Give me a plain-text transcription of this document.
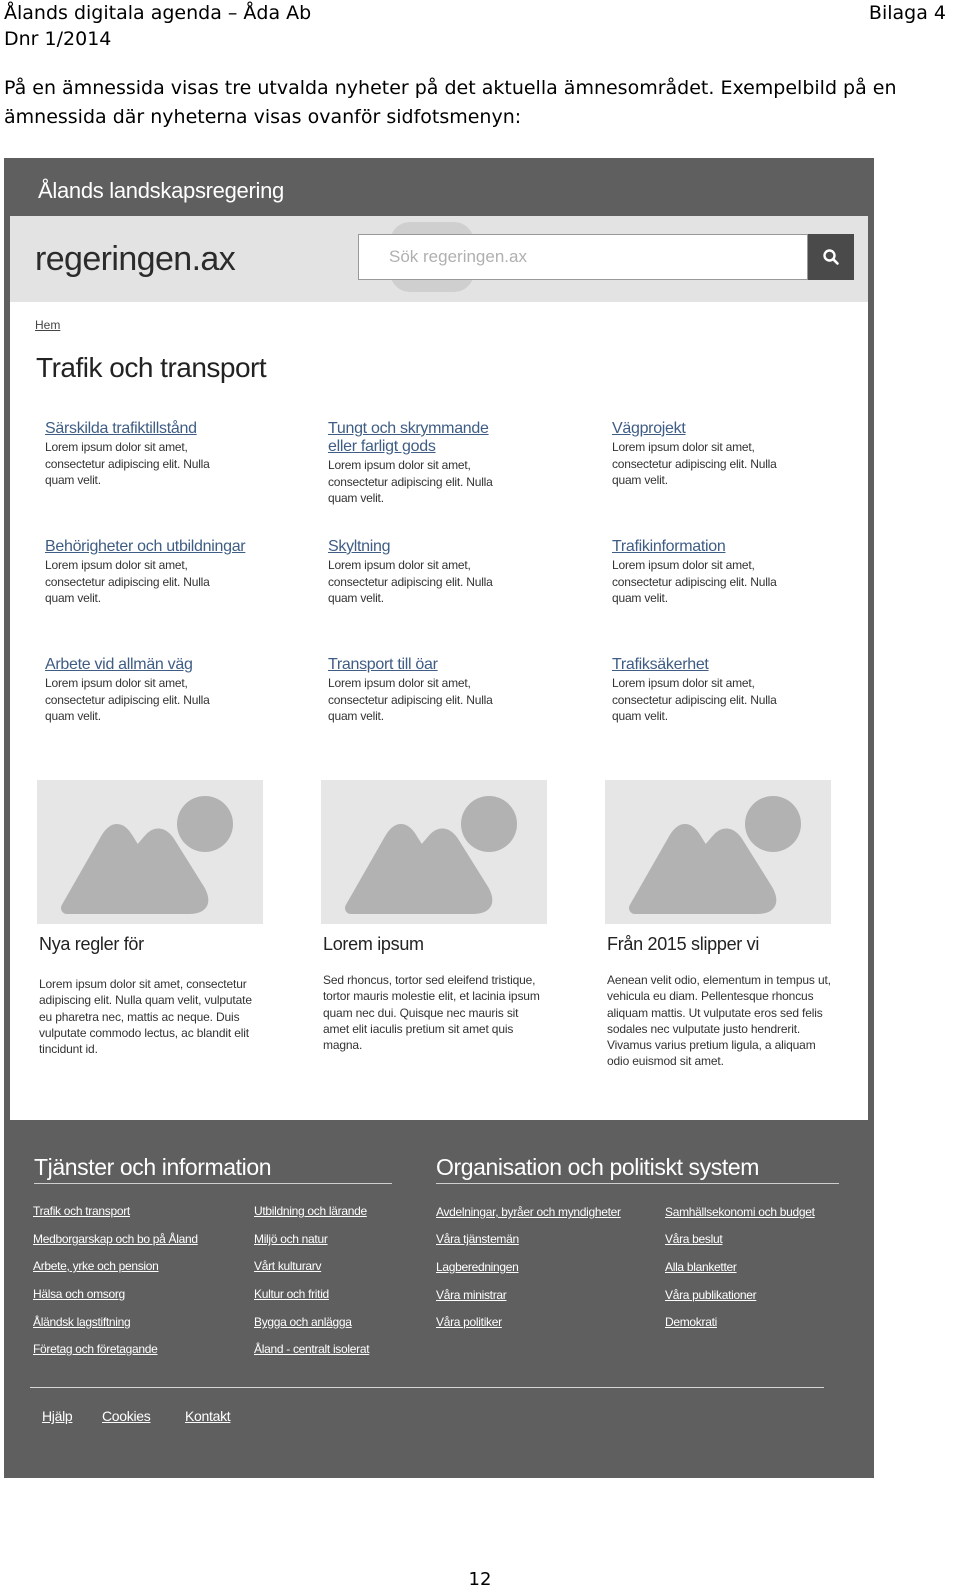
Ålands digitala agenda – Åda Ab
Dnr 1/2014
Bilaga 4

På en ämnessida visas tre utvalda nyheter på det aktuella ämnesområdet. Exempelbild på en ämnessida där nyheterna visas ovanför sidfotsmenyn:

Ålands landskapsregering
regeringen.ax	Sök regeringen.ax
Hem
Trafik och transport
Särskilda trafiktillstånd
Lorem ipsum dolor sit amet, consectetur adipiscing elit. Nulla quam velit.
Tungt och skrymmande eller farligt gods
Lorem ipsum dolor sit amet, consectetur adipiscing elit. Nulla quam velit.
Vägprojekt
Lorem ipsum dolor sit amet, consectetur adipiscing elit. Nulla quam velit.
Behörigheter och utbildningar
Lorem ipsum dolor sit amet, consectetur adipiscing elit. Nulla quam velit.
Skyltning
Lorem ipsum dolor sit amet, consectetur adipiscing elit. Nulla quam velit.
Trafikinformation
Lorem ipsum dolor sit amet, consectetur adipiscing elit. Nulla quam velit.
Arbete vid allmän väg
Lorem ipsum dolor sit amet, consectetur adipiscing elit. Nulla quam velit.
Transport till öar
Lorem ipsum dolor sit amet, consectetur adipiscing elit. Nulla quam velit.
Trafiksäkerhet
Lorem ipsum dolor sit amet, consectetur adipiscing elit. Nulla quam velit.
Nya regler för
Lorem ipsum dolor sit amet, consectetur adipiscing elit. Nulla quam velit, vulputate eu pharetra nec, mattis ac neque. Duis vulputate commodo lectus, ac blandit elit tincidunt id.
Lorem ipsum
Sed rhoncus, tortor sed eleifend tristique, tortor mauris molestie elit, et lacinia ipsum quam nec dui. Quisque nec mauris sit amet elit iaculis pretium sit amet quis magna.
Från 2015 slipper vi
Aenean velit odio, elementum in tempus ut, vehicula eu diam. Pellentesque rhoncus aliquam mattis. Ut vulputate eros sed felis sodales nec vulputate justo hendrerit. Vivamus varius pretium ligula, a aliquam odio euismod sit amet.
Tjänster och information	Organisation och politiskt system
Trafik och transport
Medborgarskap och bo på Åland
Arbete, yrke och pension
Hälsa och omsorg
Åländsk lagstiftning
Företag och företagande
Utbildning och lärande
Miljö och natur
Vårt kulturarv
Kultur och fritid
Bygga och anlägga
Åland - centralt isolerat
Avdelningar, byråer och myndigheter
Våra tjänstemän
Lagberedningen
Våra ministrar
Våra politiker
Samhällsekonomi och budget
Våra beslut
Alla blanketter
Våra publikationer
Demokrati
Hjälp Cookies Kontakt
12
